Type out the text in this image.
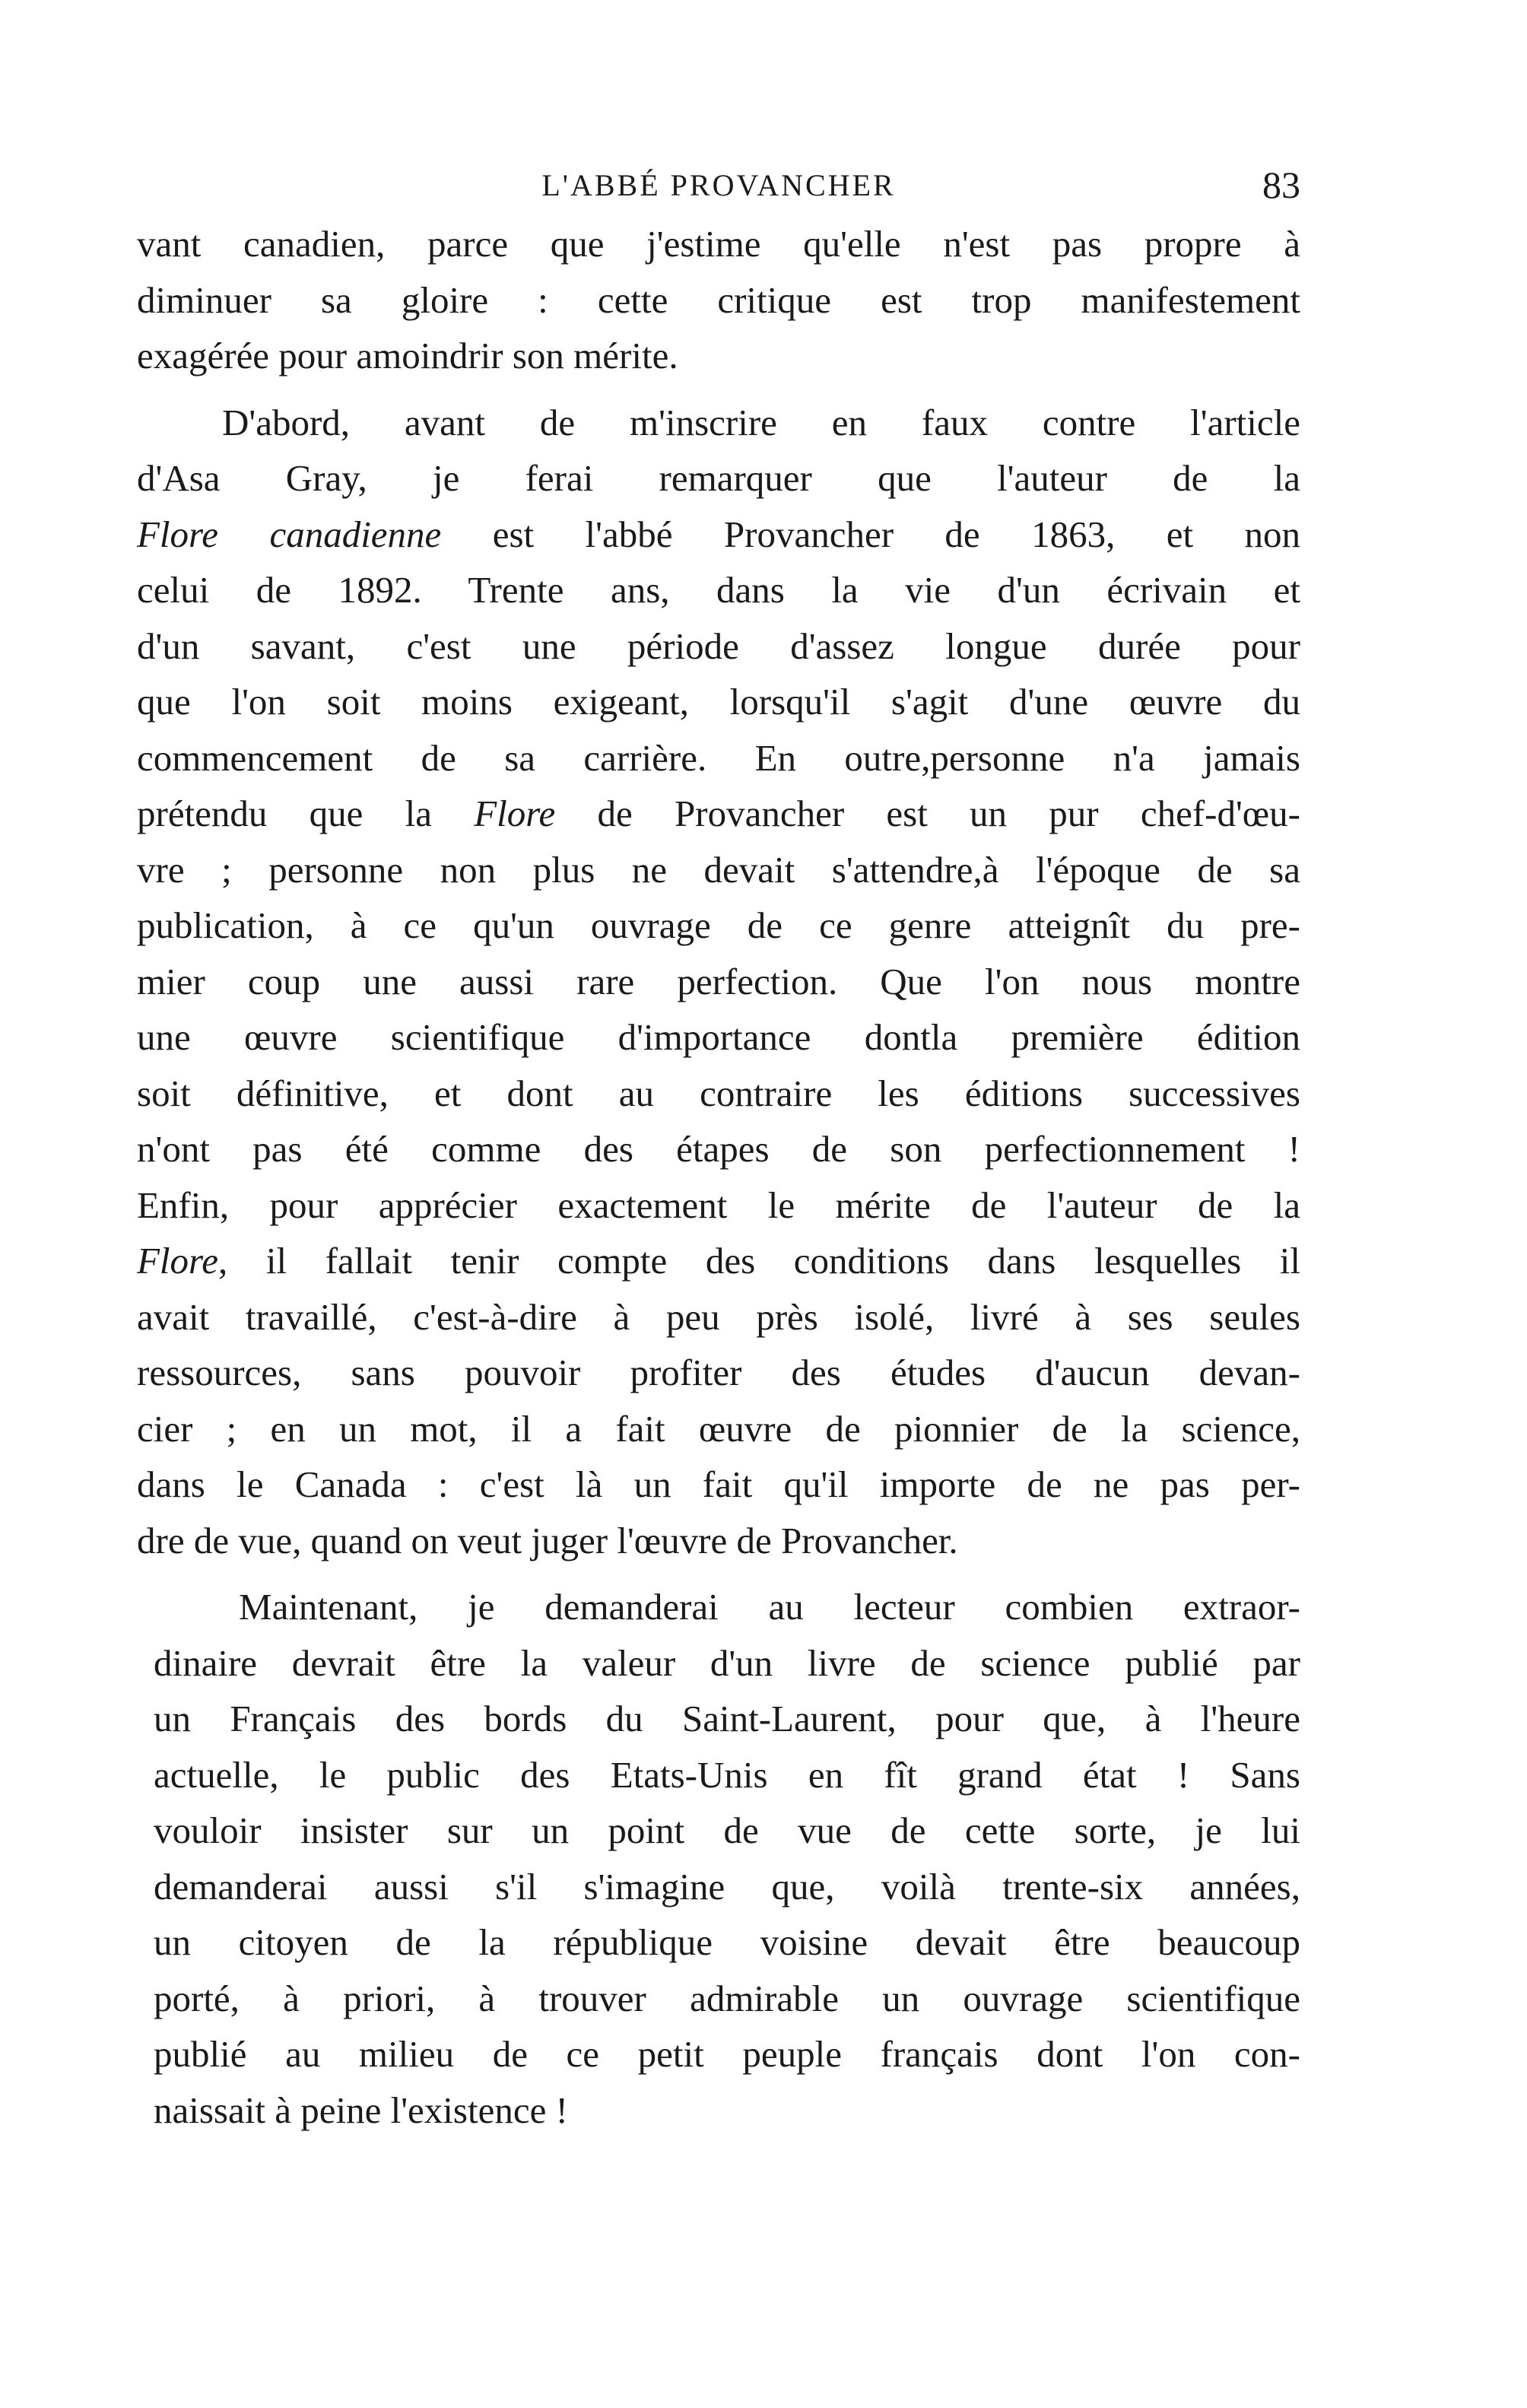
L'ABBÉ PROVANCHER	83

vant canadien, parce que j'estime qu'elle n'est pas propre à
diminuer sa gloire : cette critique est trop manifestement
exagérée pour amoindrir son mérite.

D'abord, avant de m'inscrire en faux contre l'article
d'Asa Gray, je ferai remarquer que l'auteur de la
Flore canadienne est l'abbé Provancher de 1863, et non
celui de 1892. Trente ans, dans la vie d'un écrivain et
d'un savant, c'est une période d'assez longue durée pour
que l'on soit moins exigeant, lorsqu'il s'agit d'une œuvre du
commencement de sa carrière. En outre,personne n'a jamais
prétendu que la Flore de Provancher est un pur chef-d'œu-
vre ; personne non plus ne devait s'attendre,à l'époque de sa
publication, à ce qu'un ouvrage de ce genre atteignît du pre-
mier coup une aussi rare perfection. Que l'on nous montre
une œuvre scientifique d'importance dontla première édition
soit définitive, et dont au contraire les éditions successives
n'ont pas été comme des étapes de son perfectionnement !
Enfin, pour apprécier exactement le mérite de l'auteur de la
Flore, il fallait tenir compte des conditions dans lesquelles il
avait travaillé, c'est-à-dire à peu près isolé, livré à ses seules
ressources, sans pouvoir profiter des études d'aucun devan-
cier ; en un mot, il a fait œuvre de pionnier de la science,
dans le Canada : c'est là un fait qu'il importe de ne pas per-
dre de vue, quand on veut juger l'œuvre de Provancher.

Maintenant, je demanderai au lecteur combien extraor-
dinaire devrait être la valeur d'un livre de science publié par
un Français des bords du Saint-Laurent, pour que, à l'heure
actuelle, le public des Etats-Unis en fît grand état ! Sans
vouloir insister sur un point de vue de cette sorte, je lui
demanderai aussi s'il s'imagine que, voilà trente-six années,
un citoyen de la république voisine devait être beaucoup
porté, à priori, à trouver admirable un ouvrage scientifique
publié au milieu de ce petit peuple français dont l'on con-
naissait à peine l'existence !
